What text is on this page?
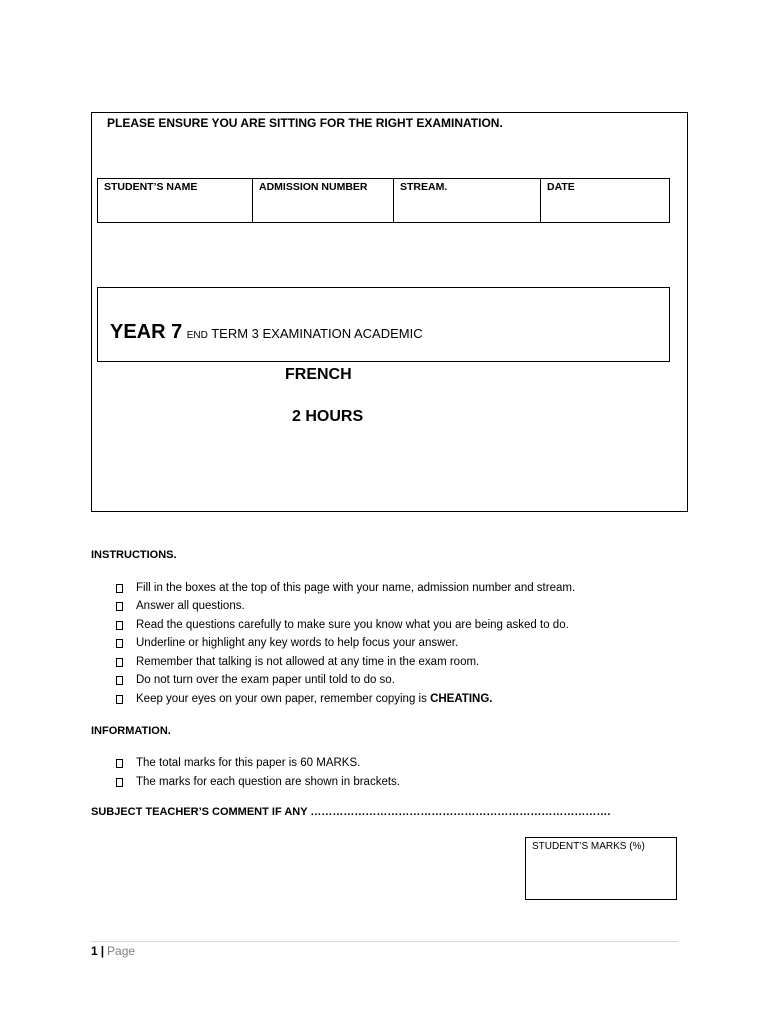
PLEASE ENSURE YOU ARE SITTING FOR THE RIGHT EXAMINATION.
STUDENT’S NAME	ADMISSION NUMBER	STREAM.	DATE
YEAR 7 END TERM 3 EXAMINATION ACADEMIC
FRENCH
2 HOURS
INSTRUCTIONS.
Fill in the boxes at the top of this page with your name, admission number and stream.
Answer all questions.
Read the questions carefully to make sure you know what you are being asked to do.
Underline or highlight any key words to help focus your answer.
Remember that talking is not allowed at any time in the exam room.
Do not turn over the exam paper until told to do so.
Keep your eyes on your own paper, remember copying is CHEATING.
INFORMATION.
The total marks for this paper is 60 MARKS.
The marks for each question are shown in brackets.
SUBJECT TEACHER’S COMMENT IF ANY ……………………………………………………………………….
STUDENT’S MARKS (%)
1 | Page
